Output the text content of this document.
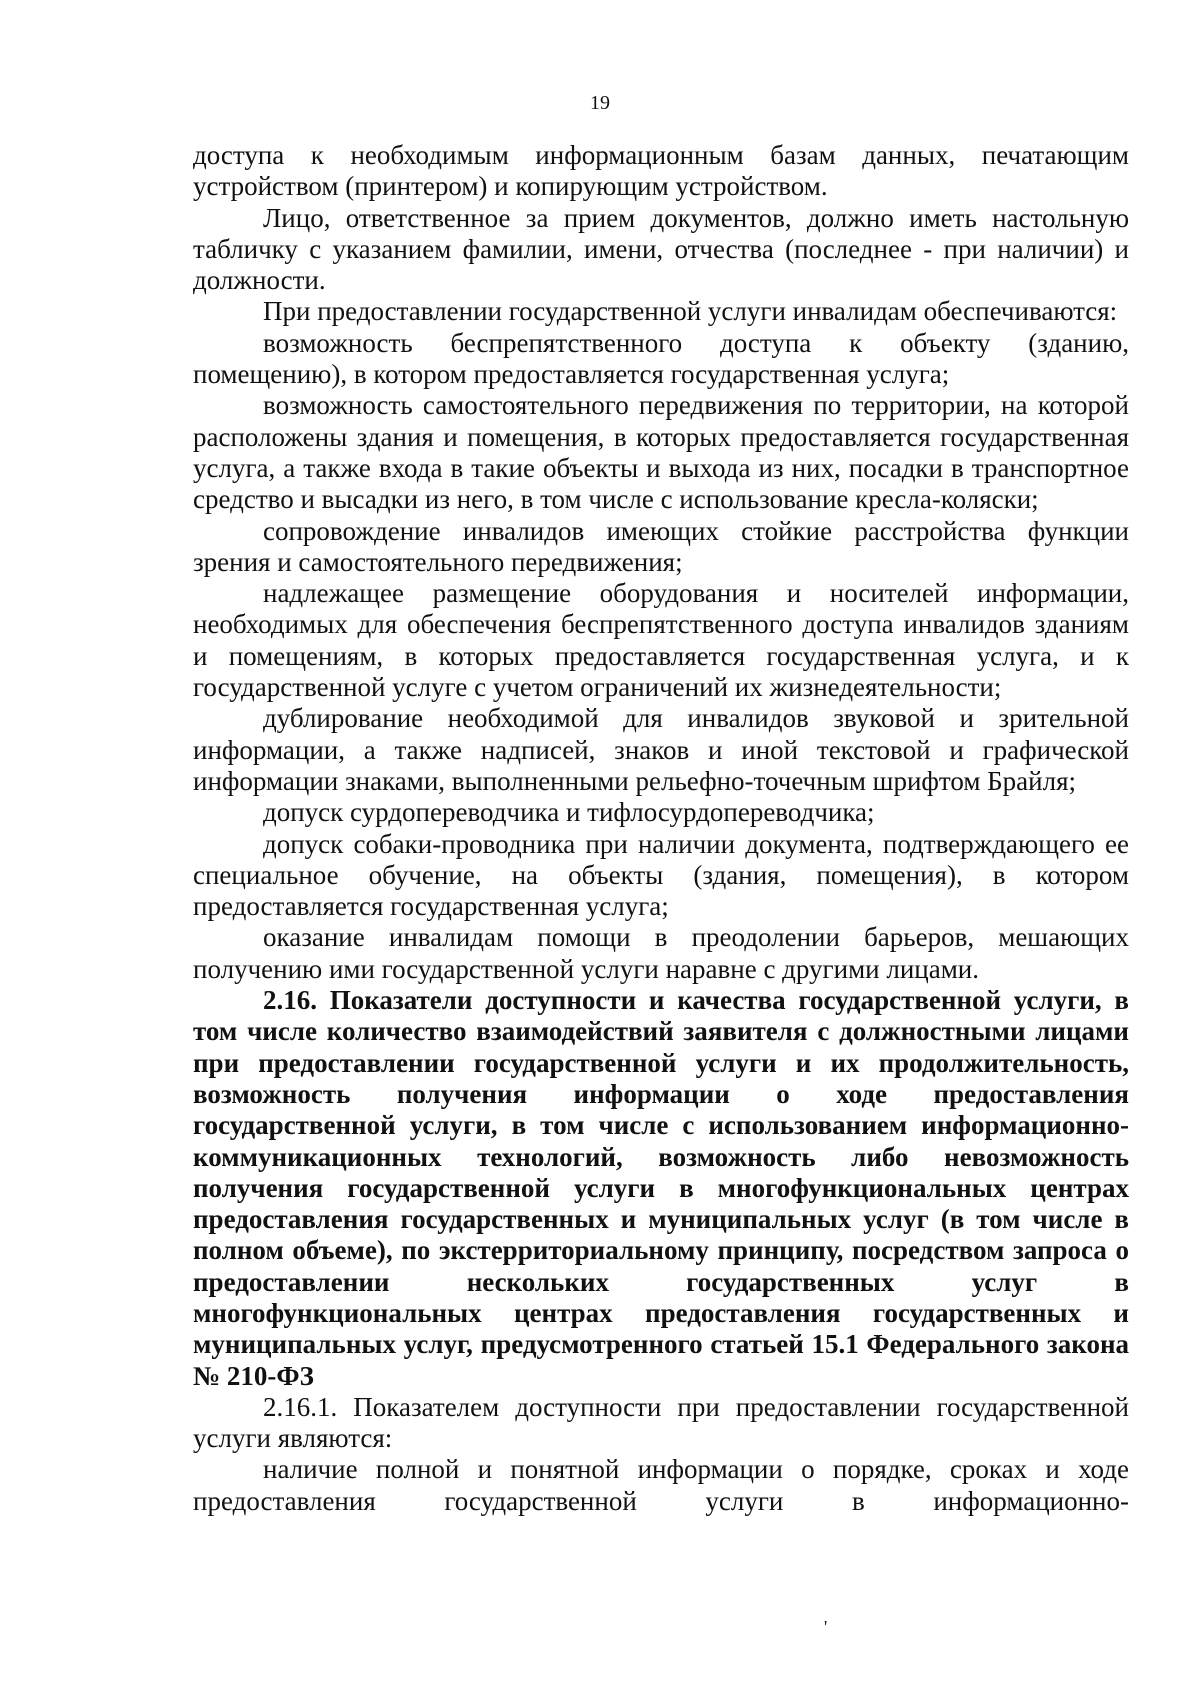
19

доступа к необходимым информационным базам данных, печатающим устройством (принтером) и копирующим устройством.

Лицо, ответственное за прием документов, должно иметь настольную табличку с указанием фамилии, имени, отчества (последнее - при наличии) и должности.

При предоставлении государственной услуги инвалидам обеспечиваются:

возможность беспрепятственного доступа к объекту (зданию, помещению), в котором предоставляется государственная услуга;

возможность самостоятельного передвижения по территории, на которой расположены здания и помещения, в которых предоставляется государственная услуга, а также входа в такие объекты и выхода из них, посадки в транспортное средство и высадки из него, в том числе с использование кресла-коляски;

сопровождение инвалидов имеющих стойкие расстройства функции зрения и самостоятельного передвижения;

надлежащее размещение оборудования и носителей информации, необходимых для обеспечения беспрепятственного доступа инвалидов зданиям и помещениям, в которых предоставляется государственная услуга, и к государственной услуге с учетом ограничений их жизнедеятельности;

дублирование необходимой для инвалидов звуковой и зрительной информации, а также надписей, знаков и иной текстовой и графической информации знаками, выполненными рельефно-точечным шрифтом Брайля;

допуск сурдопереводчика и тифлосурдопереводчика;

допуск собаки-проводника при наличии документа, подтверждающего ее специальное обучение, на объекты (здания, помещения), в котором предоставляется государственная услуга;

оказание инвалидам помощи в преодолении барьеров, мешающих получению ими государственной услуги наравне с другими лицами.

2.16. Показатели доступности и качества государственной услуги, в том числе количество взаимодействий заявителя с должностными лицами при предоставлении государственной услуги и их продолжительность, возможность получения информации о ходе предоставления государственной услуги, в том числе с использованием информационно-коммуникационных технологий, возможность либо невозможность получения государственной услуги в многофункциональных центрах предоставления государственных и муниципальных услуг (в том числе в полном объеме), по экстерриториальному принципу, посредством запроса о предоставлении нескольких государственных услуг в многофункциональных центрах предоставления государственных и муниципальных услуг, предусмотренного статьей 15.1 Федерального закона № 210-ФЗ

2.16.1. Показателем доступности при предоставлении государственной услуги являются:

наличие полной и понятной информации о порядке, сроках и ходе предоставления государственной услуги в информационно-

'
